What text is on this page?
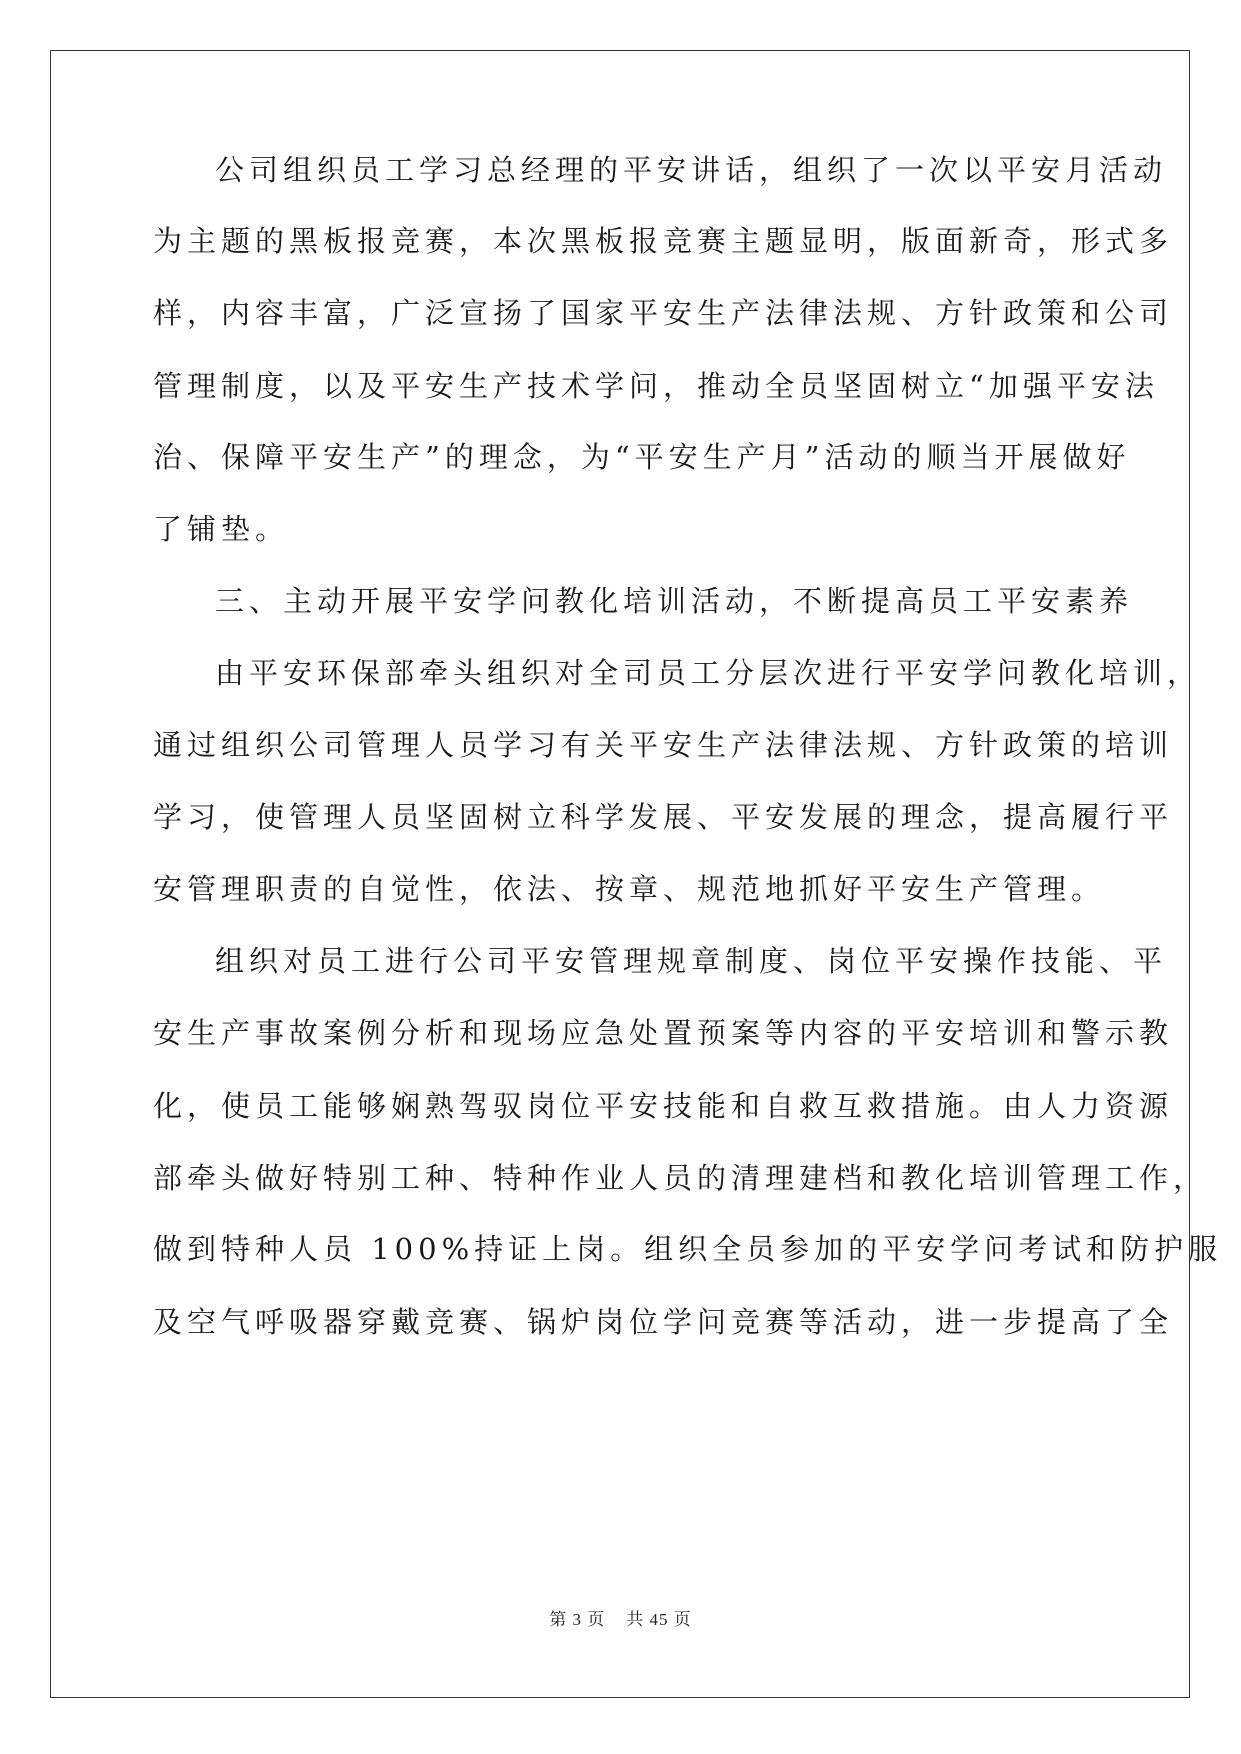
公司组织员工学习总经理的平安讲话，组织了一次以平安月活动
为主题的黑板报竞赛，本次黑板报竞赛主题显明，版面新奇，形式多
样，内容丰富，广泛宣扬了国家平安生产法律法规、方针政策和公司
管理制度，以及平安生产技术学问，推动全员坚固树立“加强平安法
治、保障平安生产”的理念，为“平安生产月”活动的顺当开展做好
了铺垫。
三、主动开展平安学问教化培训活动，不断提高员工平安素养
由平安环保部牵头组织对全司员工分层次进行平安学问教化培训，
通过组织公司管理人员学习有关平安生产法律法规、方针政策的培训
学习，使管理人员坚固树立科学发展、平安发展的理念，提高履行平
安管理职责的自觉性，依法、按章、规范地抓好平安生产管理。
组织对员工进行公司平安管理规章制度、岗位平安操作技能、平
安生产事故案例分析和现场应急处置预案等内容的平安培训和警示教
化，使员工能够娴熟驾驭岗位平安技能和自救互救措施。由人力资源
部牵头做好特别工种、特种作业人员的清理建档和教化培训管理工作，
做到特种人员 100%持证上岗。组织全员参加的平安学问考试和防护服
及空气呼吸器穿戴竞赛、锅炉岗位学问竞赛等活动，进一步提高了全
第 3 页 共 45 页
